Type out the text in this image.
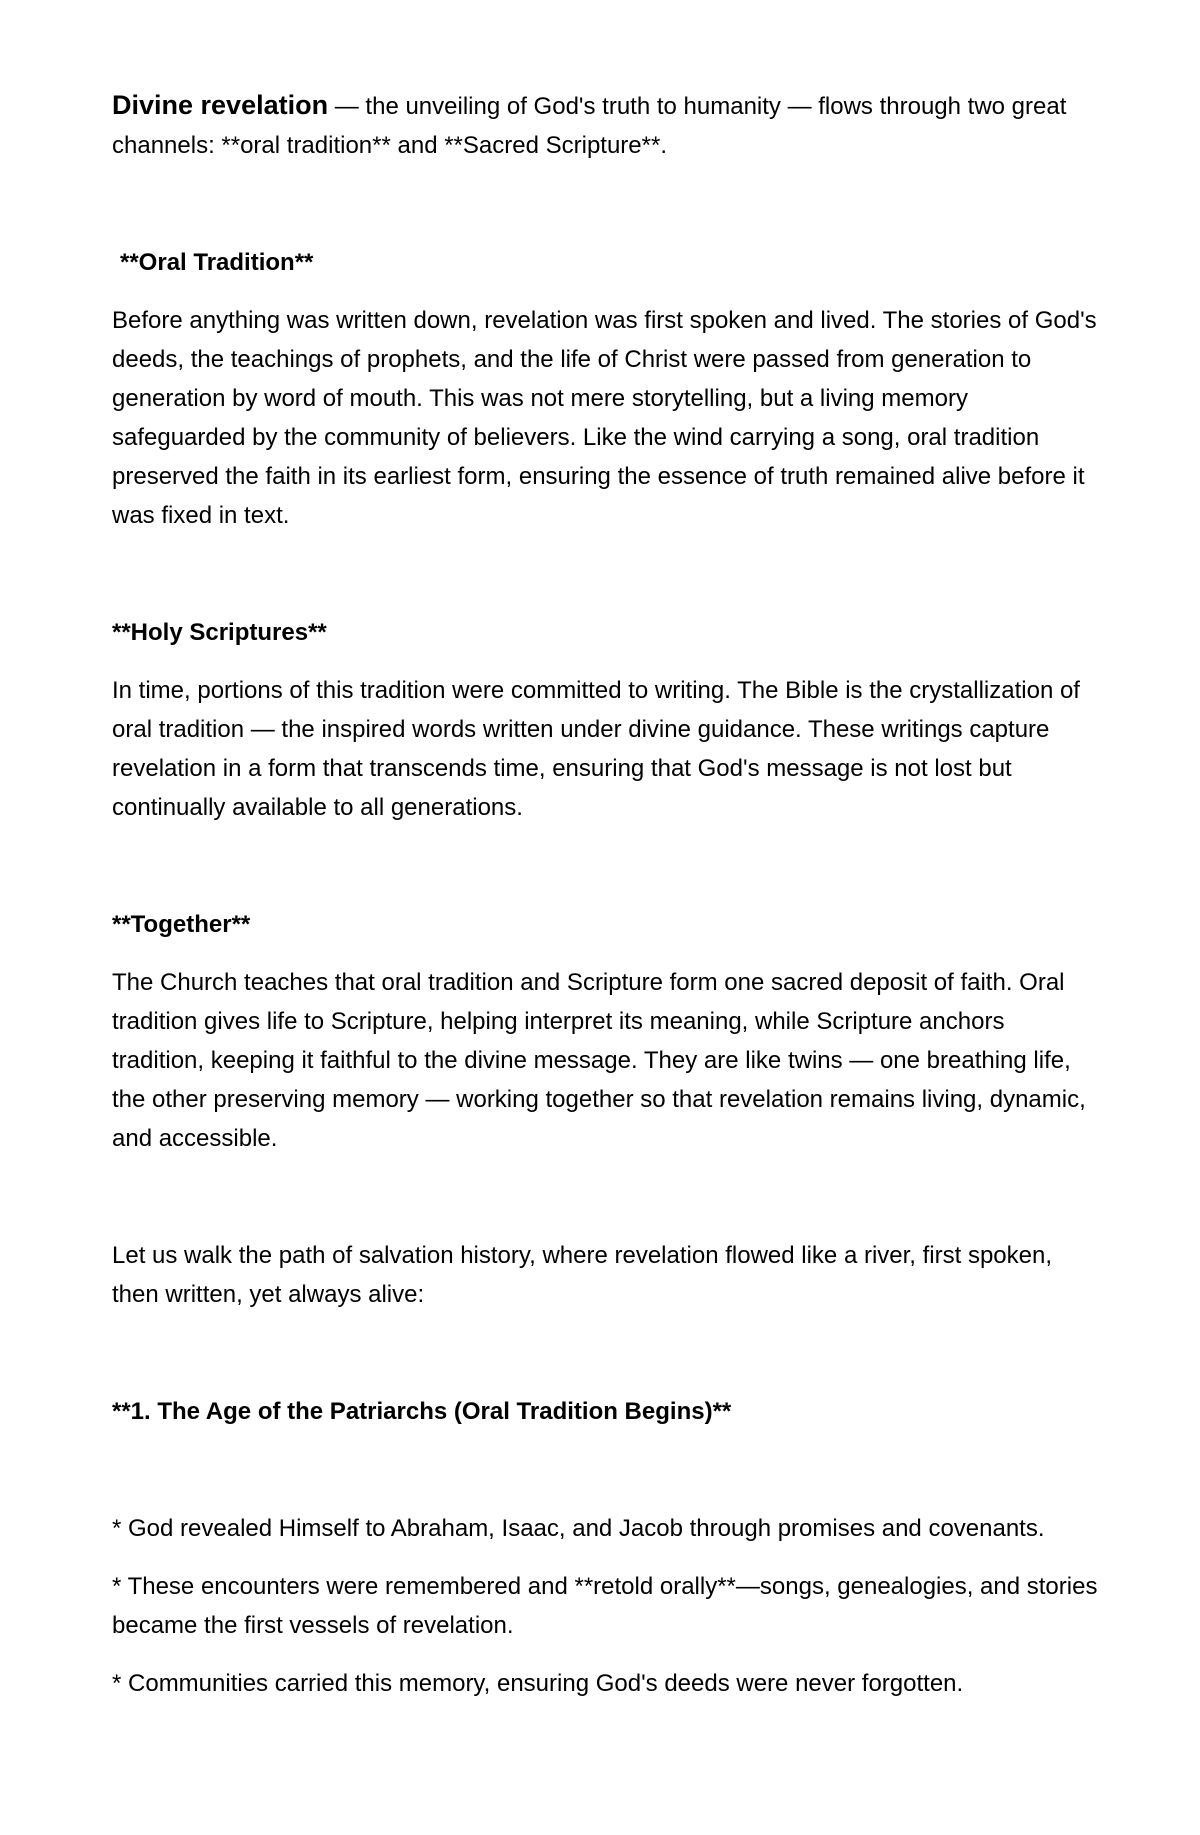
Divine revelation — the unveiling of God's truth to humanity — flows through two great channels: **oral tradition** and **Sacred Scripture**.

**Oral Tradition**

Before anything was written down, revelation was first spoken and lived. The stories of God's deeds, the teachings of prophets, and the life of Christ were passed from generation to generation by word of mouth. This was not mere storytelling, but a living memory safeguarded by the community of believers. Like the wind carrying a song, oral tradition preserved the faith in its earliest form, ensuring the essence of truth remained alive before it was fixed in text.

**Holy Scriptures**

In time, portions of this tradition were committed to writing. The Bible is the crystallization of oral tradition — the inspired words written under divine guidance. These writings capture revelation in a form that transcends time, ensuring that God's message is not lost but continually available to all generations.

**Together**

The Church teaches that oral tradition and Scripture form one sacred deposit of faith. Oral tradition gives life to Scripture, helping interpret its meaning, while Scripture anchors tradition, keeping it faithful to the divine message. They are like twins — one breathing life, the other preserving memory — working together so that revelation remains living, dynamic, and accessible.

Let us walk the path of salvation history, where revelation flowed like a river, first spoken, then written, yet always alive:

**1. The Age of the Patriarchs (Oral Tradition Begins)**

* God revealed Himself to Abraham, Isaac, and Jacob through promises and covenants.

* These encounters were remembered and **retold orally**—songs, genealogies, and stories became the first vessels of revelation.

* Communities carried this memory, ensuring God's deeds were never forgotten.
